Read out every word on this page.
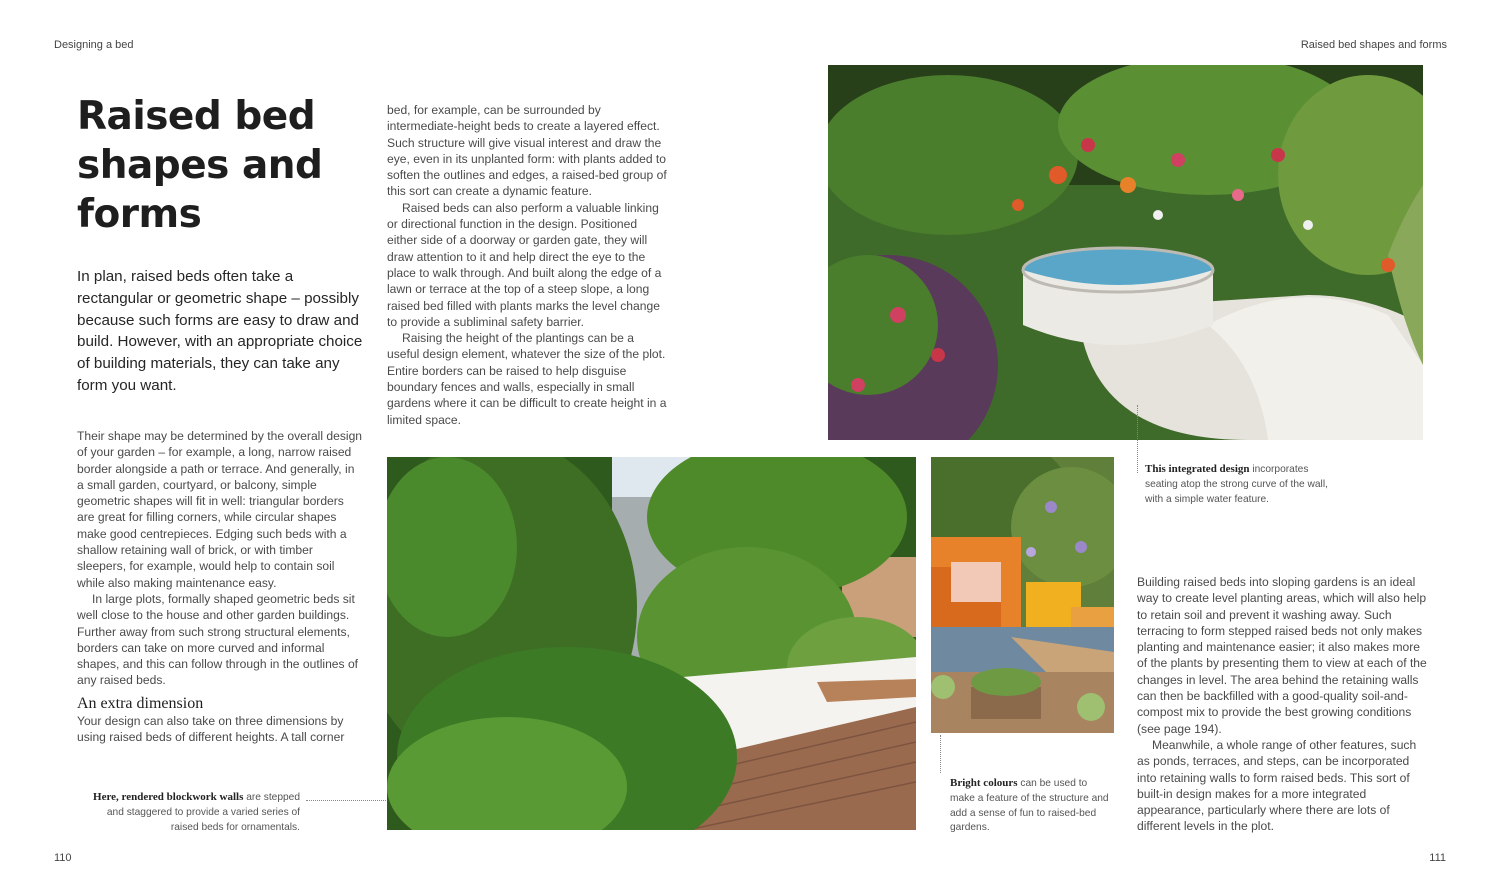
Designing a bed	Raised bed shapes and forms
Raised bed shapes and forms

In plan, raised beds often take a rectangular or geometric shape – possibly because such forms are easy to draw and build. However, with an appropriate choice of building materials, they can take any form you want.

Their shape may be determined by the overall design of your garden – for example, a long, narrow raised border alongside a path or terrace. And generally, in a small garden, courtyard, or balcony, simple geometric shapes will fit in well: triangular borders are great for filling corners, while circular shapes make good centrepieces. Edging such beds with a shallow retaining wall of brick, or with timber sleepers, for example, would help to contain soil while also making maintenance easy.

In large plots, formally shaped geometric beds sit well close to the house and other garden buildings. Further away from such strong structural elements, borders can take on more curved and informal shapes, and this can follow through in the outlines of any raised beds.

An extra dimension

Your design can also take on three dimensions by using raised beds of different heights. A tall corner

bed, for example, can be surrounded by intermediate-height beds to create a layered effect. Such structure will give visual interest and draw the eye, even in its unplanted form: with plants added to soften the outlines and edges, a raised-bed group of this sort can create a dynamic feature.

Raised beds can also perform a valuable linking or directional function in the design. Positioned either side of a doorway or garden gate, they will draw attention to it and help direct the eye to the place to walk through. And built along the edge of a lawn or terrace at the top of a steep slope, a long raised bed filled with plants marks the level change to provide a subliminal safety barrier.

Raising the height of the plantings can be a useful design element, whatever the size of the plot. Entire borders can be raised to help disguise boundary fences and walls, especially in small gardens where it can be difficult to create height in a limited space.

Building raised beds into sloping gardens is an ideal way to create level planting areas, which will also help to retain soil and prevent it washing away. Such terracing to form stepped raised beds not only makes planting and maintenance easier; it also makes more of the plants by presenting them to view at each of the changes in level. The area behind the retaining walls can then be backfilled with a good-quality soil-and-compost mix to provide the best growing conditions (see page 194).

Meanwhile, a whole range of other features, such as ponds, terraces, and steps, can be incorporated into retaining walls to form raised beds. This sort of built-in design makes for a more integrated appearance, particularly where there are lots of different levels in the plot.

Here, rendered blockwork walls are stepped and staggered to provide a varied series of raised beds for ornamentals.
Bright colours can be used to make a feature of the structure and add a sense of fun to raised-bed gardens.
This integrated design incorporates seating atop the strong curve of the wall, with a simple water feature.
110	111
